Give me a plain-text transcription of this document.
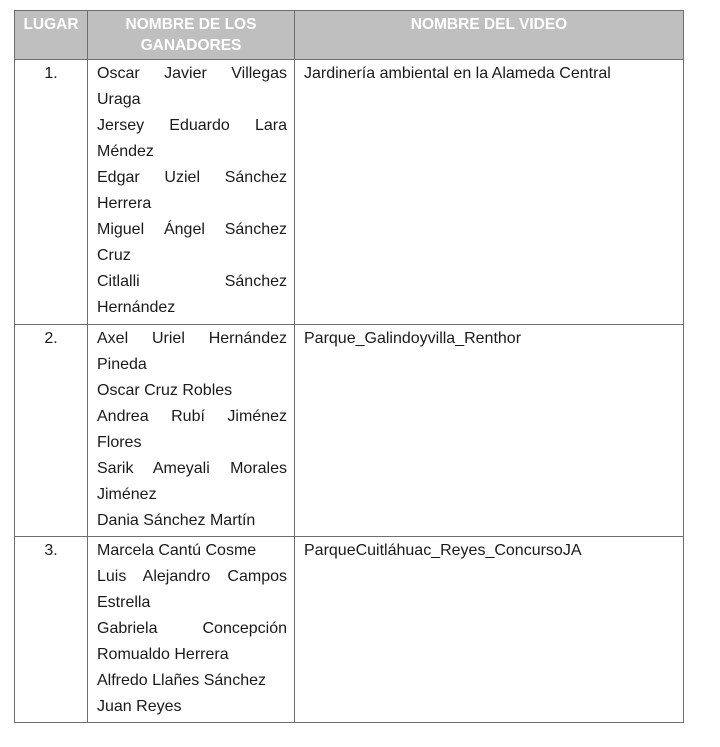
LUGAR	NOMBRE DE LOS GANADORES	NOMBRE DEL VIDEO
1.	Oscar Javier Villegas Uraga
Jersey Eduardo Lara Méndez
Edgar Uziel Sánchez Herrera
Miguel Ángel Sánchez Cruz
Citlalli Sánchez Hernández	Jardinería ambiental en la Alameda Central
2.	Axel Uriel Hernández Pineda
Oscar Cruz Robles
Andrea Rubí Jiménez Flores
Sarik Ameyali Morales Jiménez
Dania Sánchez Martín	Parque_Galindoyvilla_Renthor
3.	Marcela Cantú Cosme
Luis Alejandro Campos Estrella
Gabriela Concepción Romualdo Herrera
Alfredo Llañes Sánchez
Juan Reyes	ParqueCuitláhuac_Reyes_ConcursoJA
